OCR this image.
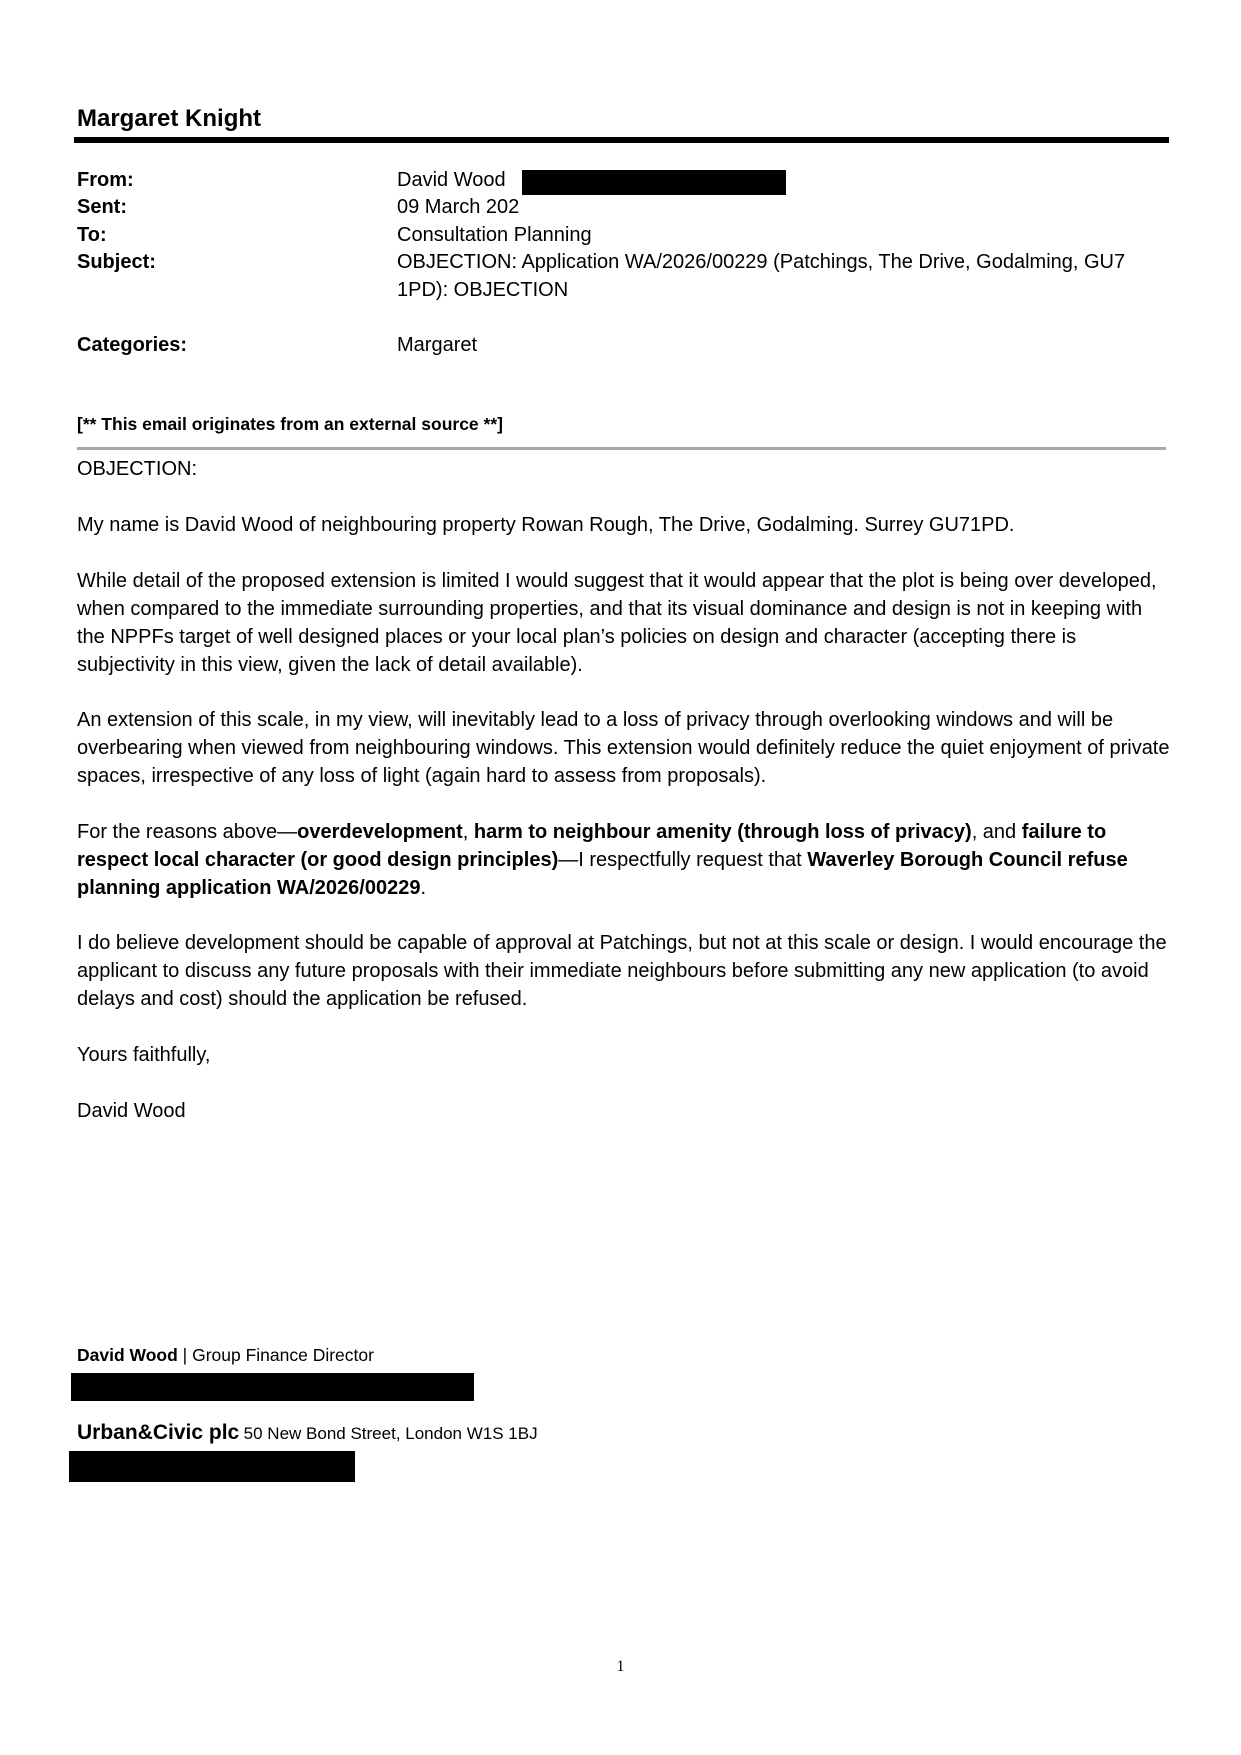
Margaret Knight
From:	David Wood
Sent:	09 March 202
To:	Consultation Planning
Subject:	OBJECTION: Application WA/2026/00229 (Patchings, The Drive, Godalming, GU7
1PD): OBJECTION
Categories:	Margaret
[** This email originates from an external source **]

OBJECTION:

My name is David Wood of neighbouring property Rowan Rough, The Drive, Godalming. Surrey GU71PD.

While detail of the proposed extension is limited I would suggest that it would appear that the plot is being over developed, when compared to the immediate surrounding properties, and that its visual dominance and design is not in keeping with the NPPFs target of well designed places or your local plan’s policies on design and character (accepting there is subjectivity in this view, given the lack of detail available).

An extension of this scale, in my view, will inevitably lead to a loss of privacy through overlooking windows and will be overbearing when viewed from neighbouring windows. This extension would definitely reduce the quiet enjoyment of private spaces, irrespective of any loss of light (again hard to assess from proposals).

For the reasons above—overdevelopment, harm to neighbour amenity (through loss of privacy), and failure to respect local character (or good design principles)—I respectfully request that Waverley Borough Council refuse planning application WA/2026/00229.

I do believe development should be capable of approval at Patchings, but not at this scale or design. I would encourage the applicant to discuss any future proposals with their immediate neighbours before submitting any new application (to avoid delays and cost) should the application be refused.

Yours faithfully,

David Wood

David Wood | Group Finance Director
Urban&Civic plc 50 New Bond Street, London W1S 1BJ
1
